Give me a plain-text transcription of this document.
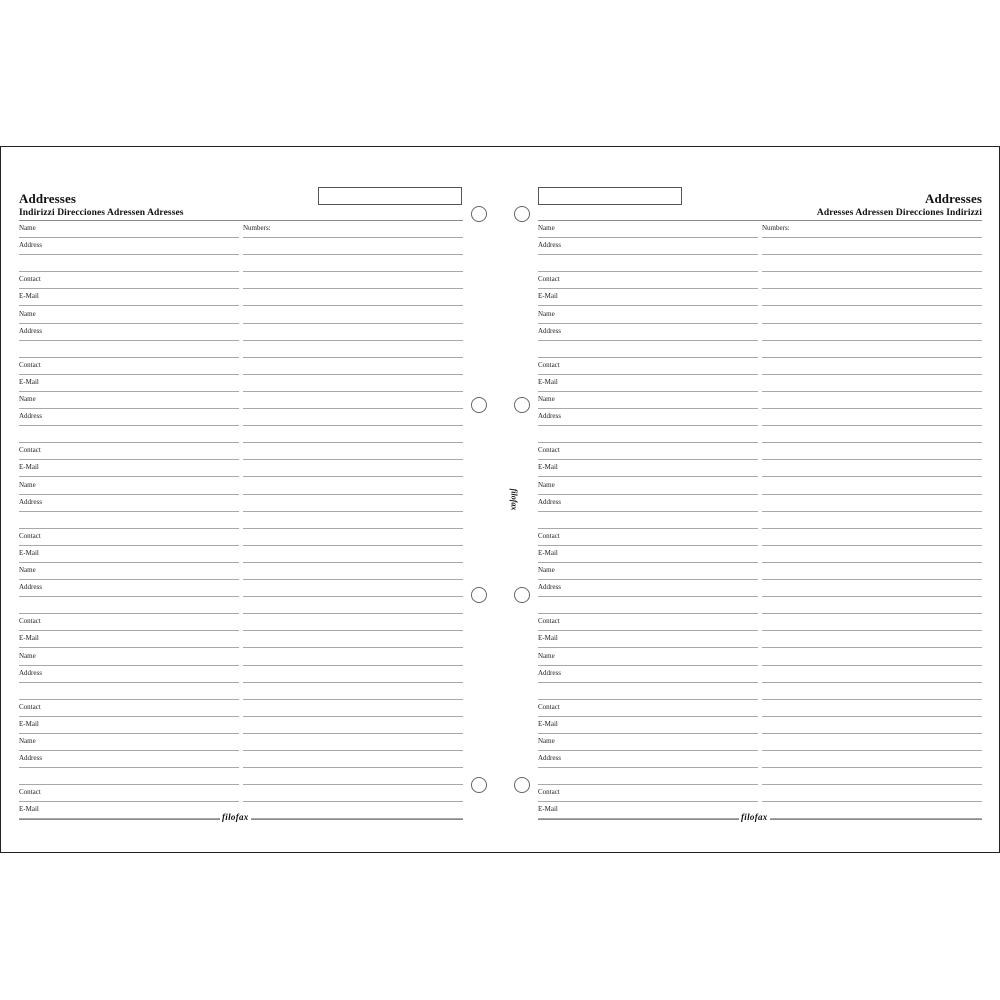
Addresses
Indirizzi Direcciones Adressen Adresses
Numbers:
Name
Address
Contact
E-Mail
Name
Address
Contact
E-Mail
Name
Address
Contact
E-Mail
Name
Address
Contact
E-Mail
Name
Address
Contact
E-Mail
Name
Address
Contact
E-Mail
Name
Address
Contact
E-Mail
filofax
Addresses
Adresses Adressen Direcciones Indirizzi
Numbers:
Name
Address
Contact
E-Mail
Name
Address
Contact
E-Mail
Name
Address
Contact
E-Mail
Name
Address
Contact
E-Mail
Name
Address
Contact
E-Mail
Name
Address
Contact
E-Mail
Name
Address
Contact
E-Mail
filofax
filofax
